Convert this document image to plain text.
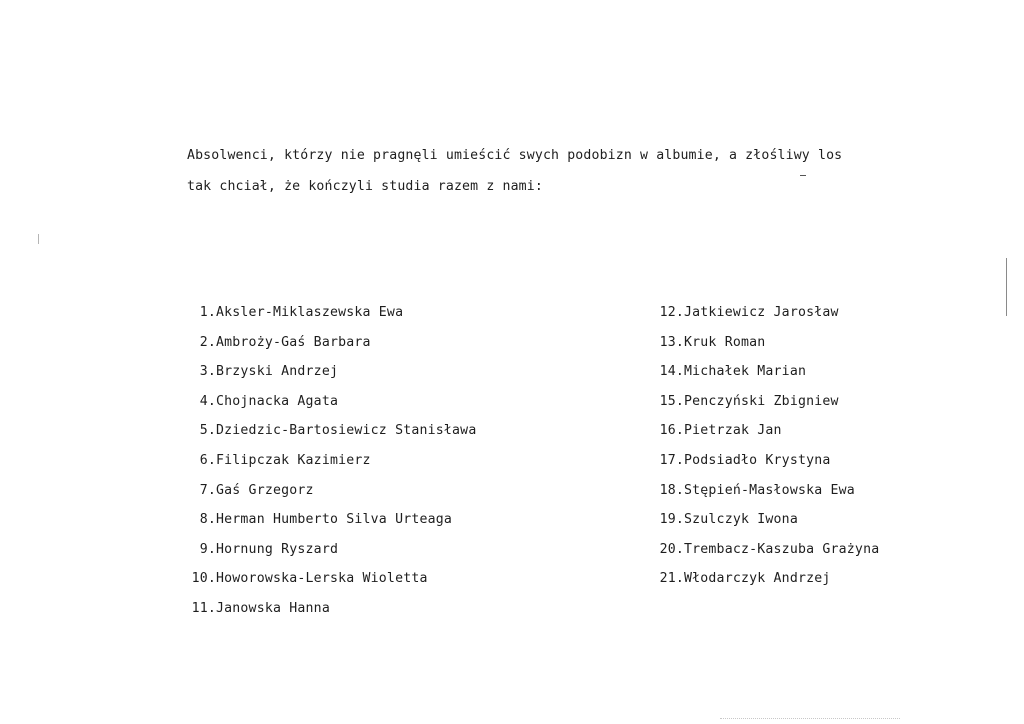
Absolwenci, którzy nie pragnęli umieścić swych podobizn w albumie, a złośliwy los
tak chciał, że kończyli studia razem z nami:
1. Aksler-Miklaszewska Ewa
2. Ambroży-Gaś Barbara
3. Brzyski Andrzej
4. Chojnacka Agata
5. Dziedzic-Bartosiewicz Stanisława
6. Filipczak Kazimierz
7. Gaś Grzegorz
8. Herman Humberto Silva Urteaga
9. Hornung Ryszard
10. Howorowska-Lerska Wioletta
11. Janowska Hanna
12. Jatkiewicz Jarosław
13. Kruk Roman
14. Michałek Marian
15. Penczyński Zbigniew
16. Pietrzak Jan
17. Podsiadło Krystyna
18. Stępień-Masłowska Ewa
19. Szulczyk Iwona
20. Trembacz-Kaszuba Grażyna
21. Włodarczyk Andrzej
